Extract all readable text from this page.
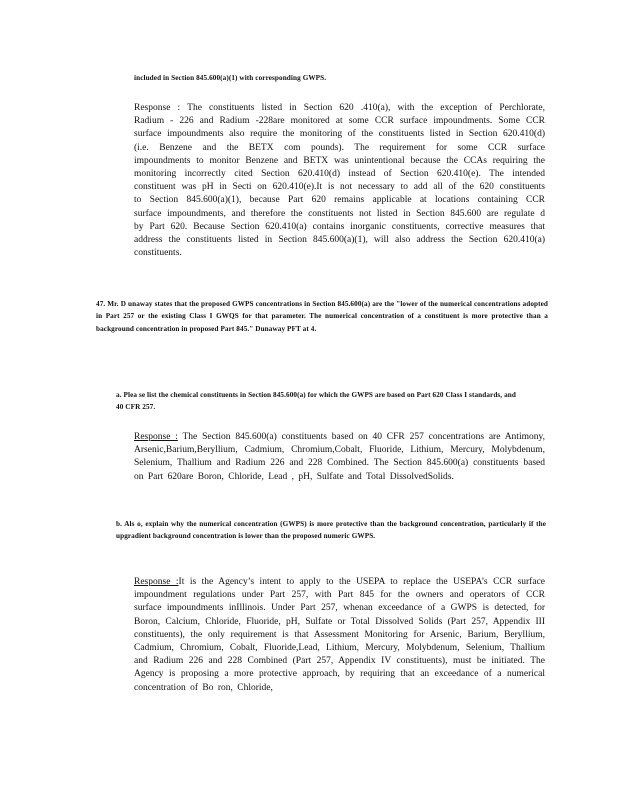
included in Section 845.600(a)(1) with corresponding GWPS.

Response : The constituents listed in Section 620 .410(a), with the exception of Perchlorate, Radium - 226 and Radium -228are monitored at some CCR surface impoundments. Some CCR surface impoundments also require the monitoring of the constituents listed in Section 620.410(d) (i.e. Benzene and the BETX com pounds). The requirement for some CCR surface impoundments to monitor Benzene and BETX was unintentional because the CCAs requiring the monitoring incorrectly cited Section 620.410(d) instead of Section 620.410(e). The intended constituent was pH in Secti on 620.410(e).It is not necessary to add all of the 620 constituents to Section 845.600(a)(1), because Part 620 remains applicable at locations containing CCR surface impoundments, and therefore the constituents not listed in Section 845.600 are regulate d by Part 620. Because Section 620.410(a) contains inorganic constituents, corrective measures that address the constituents listed in Section 845.600(a)(1), will also address the Section 620.410(a) constituents.

47. Mr. D unaway states that the proposed GWPS concentrations in Section 845.600(a) are the "lower of the numerical concentrations adopted in Part 257 or the existing Class I GWQS for that parameter. The numerical concentration of a constituent is more protective than a background concentration in proposed Part 845." Dunaway PFT at 4.

a. Plea se list the chemical constituents in Section 845.600(a) for which the GWPS are based on Part 620 Class I standards, and 40 CFR 257.

Response : The Section 845.600(a) constituents based on 40 CFR 257 concentrations are Antimony, Arsenic,Barium,Beryllium, Cadmium, Chromium,Cobalt, Fluoride, Lithium, Mercury, Molybdenum, Selenium, Thallium and Radium 226 and 228 Combined. The Section 845.600(a) constituents based on Part 620are Boron, Chloride, Lead , pH, Sulfate and Total DissolvedSolids.

b. Als o, explain why the numerical concentration (GWPS) is more protective than the background concentration, particularly if the upgradient background concentration is lower than the proposed numeric GWPS.

Response :It is the Agency’s intent to apply to the USEPA to replace the USEPA’s CCR surface impoundment regulations under Part 257, with Part 845 for the owners and operators of CCR surface impoundments inIllinois. Under Part 257, whenan exceedance of a GWPS is detected, for Boron, Calcium, Chloride, Fluoride, pH, Sulfate or Total Dissolved Solids (Part 257, Appendix III constituents), the only requirement is that Assessment Monitoring for Arsenic, Barium, Beryllium, Cadmium, Chromium, Cobalt, Fluoride,Lead, Lithium, Mercury, Molybdenum, Selenium, Thallium and Radium 226 and 228 Combined (Part 257, Appendix IV constituents), must be initiated. The Agency is proposing a more protective approach, by requiring that an exceedance of a numerical concentration of Bo ron, Chloride,
